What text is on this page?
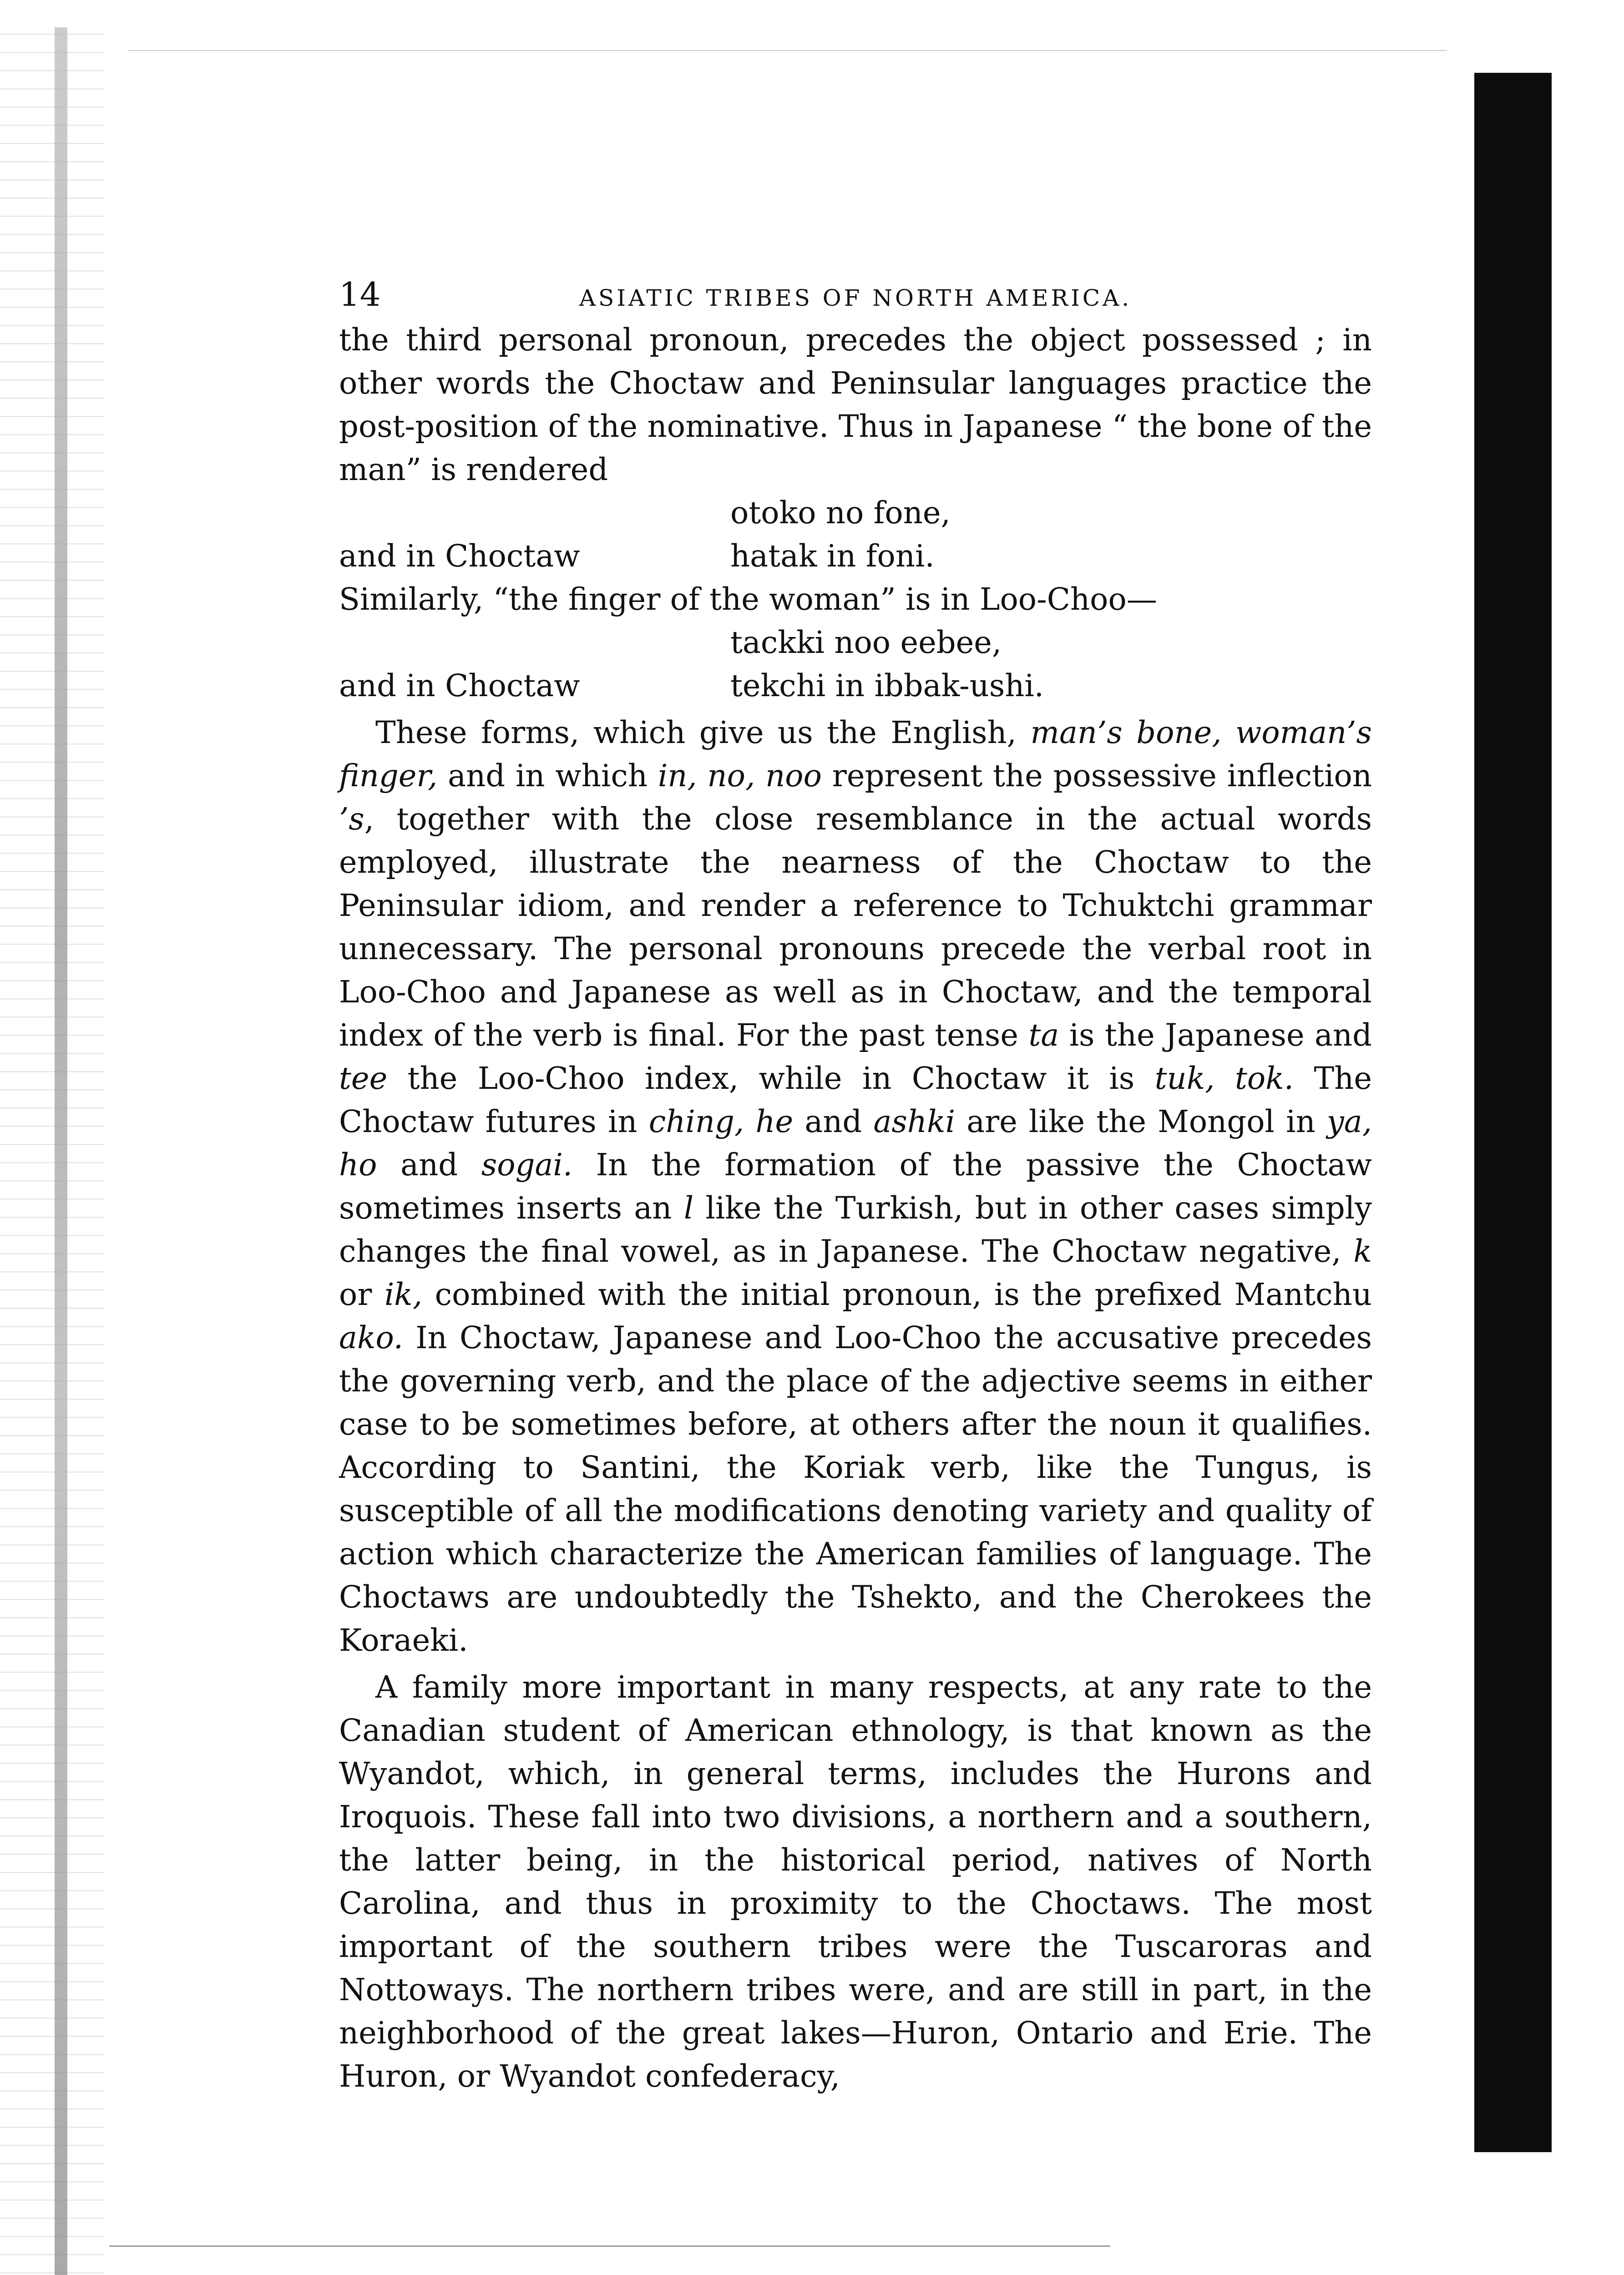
14	ASIATIC TRIBES OF NORTH AMERICA.

the third personal pronoun, precedes the object possessed ; in other words the Choctaw and Peninsular languages practice the post-position of the nominative. Thus in Japanese “ the bone of the man” is rendered

otoko no fone,
and in Choctaw	hatak in foni.

Similarly, “the finger of the woman” is in Loo-Choo—

tackki noo eebee,
and in Choctaw	tekchi in ibbak-ushi.

These forms, which give us the English, man’s bone, woman’s finger, and in which in, no, noo represent the possessive inflection ’s, together with the close resemblance in the actual words employed, illustrate the nearness of the Choctaw to the Peninsular idiom, and render a reference to Tchuktchi grammar unnecessary. The personal pronouns precede the verbal root in Loo-Choo and Japanese as well as in Choctaw, and the temporal index of the verb is final. For the past tense ta is the Japanese and tee the Loo-Choo index, while in Choctaw it is tuk, tok. The Choctaw futures in ching, he and ashki are like the Mongol in ya, ho and sogai. In the formation of the passive the Choctaw sometimes inserts an l like the Turkish, but in other cases simply changes the final vowel, as in Japanese. The Choctaw negative, k or ik, combined with the initial pronoun, is the prefixed Mantchu ako. In Choctaw, Japanese and Loo-Choo the accusative precedes the governing verb, and the place of the adjective seems in either case to be sometimes before, at others after the noun it qualifies. According to Santini, the Koriak verb, like the Tungus, is susceptible of all the modifications denoting variety and quality of action which characterize the American families of language. The Choctaws are undoubtedly the Tshekto, and the Cherokees the Koraeki.

A family more important in many respects, at any rate to the Canadian student of American ethnology, is that known as the Wyandot, which, in general terms, includes the Hurons and Iroquois. These fall into two divisions, a northern and a southern, the latter being, in the historical period, natives of North Carolina, and thus in proximity to the Choctaws. The most important of the southern tribes were the Tuscaroras and Nottoways. The northern tribes were, and are still in part, in the neighborhood of the great lakes—Huron, Ontario and Erie. The Huron, or Wyandot confederacy,
